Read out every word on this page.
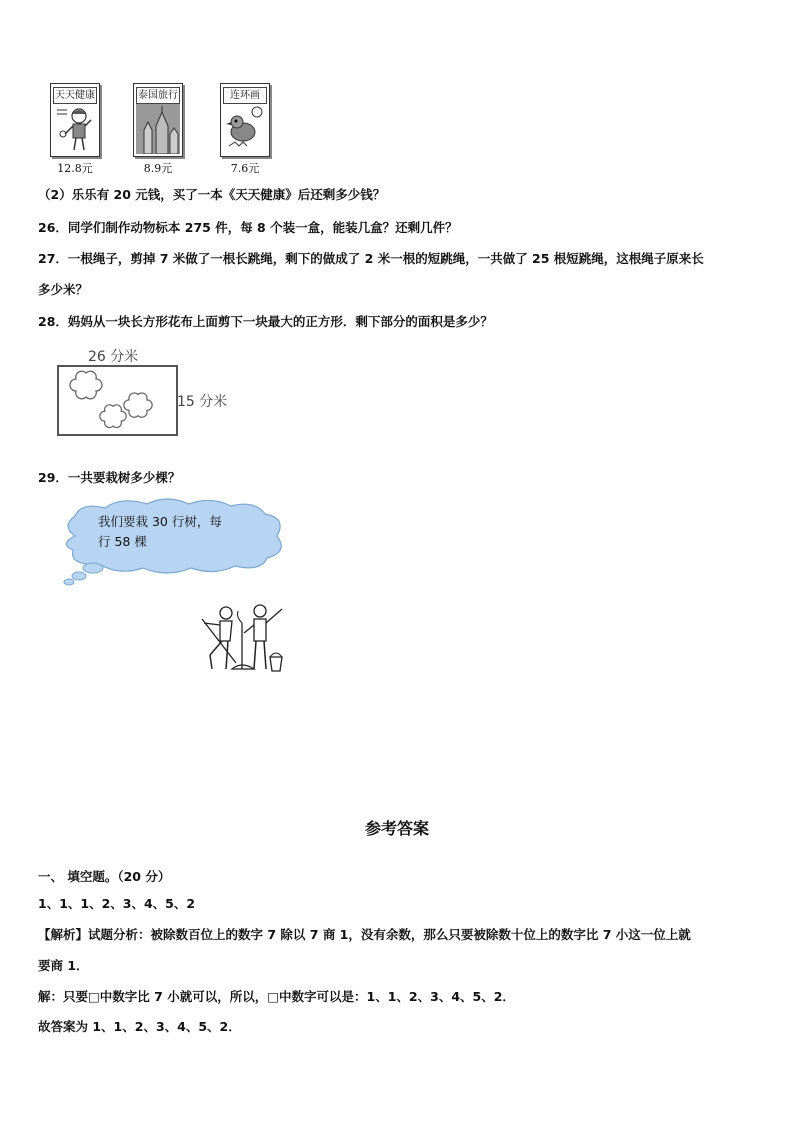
天天健康
12.8元
泰国旅行
8.9元
连环画
7.6元
（2）乐乐有 20 元钱，买了一本《天天健康》后还剩多少钱？
26．同学们制作动物标本 275 件，每 8 个装一盒，能装几盒？还剩几件？
27．一根绳子，剪掉 7 米做了一根长跳绳，剩下的做成了 2 米一根的短跳绳，一共做了 25 根短跳绳，这根绳子原来长
多少米？
28．妈妈从一块长方形花布上面剪下一块最大的正方形．剩下部分的面积是多少？
26 分米
15 分米
29．一共要栽树多少棵？
我们要栽 30 行树，每
行 58 棵
参考答案
一、 填空题。（20 分）
1、1、1、2、3、4、5、2
【解析】试题分析：被除数百位上的数字 7 除以 7 商 1，没有余数，那么只要被除数十位上的数字比 7 小这一位上就
要商 1．
解：只要□中数字比 7 小就可以，所以，□中数字可以是：1、1、2、3、4、5、2．
故答案为 1、1、2、3、4、5、2．
